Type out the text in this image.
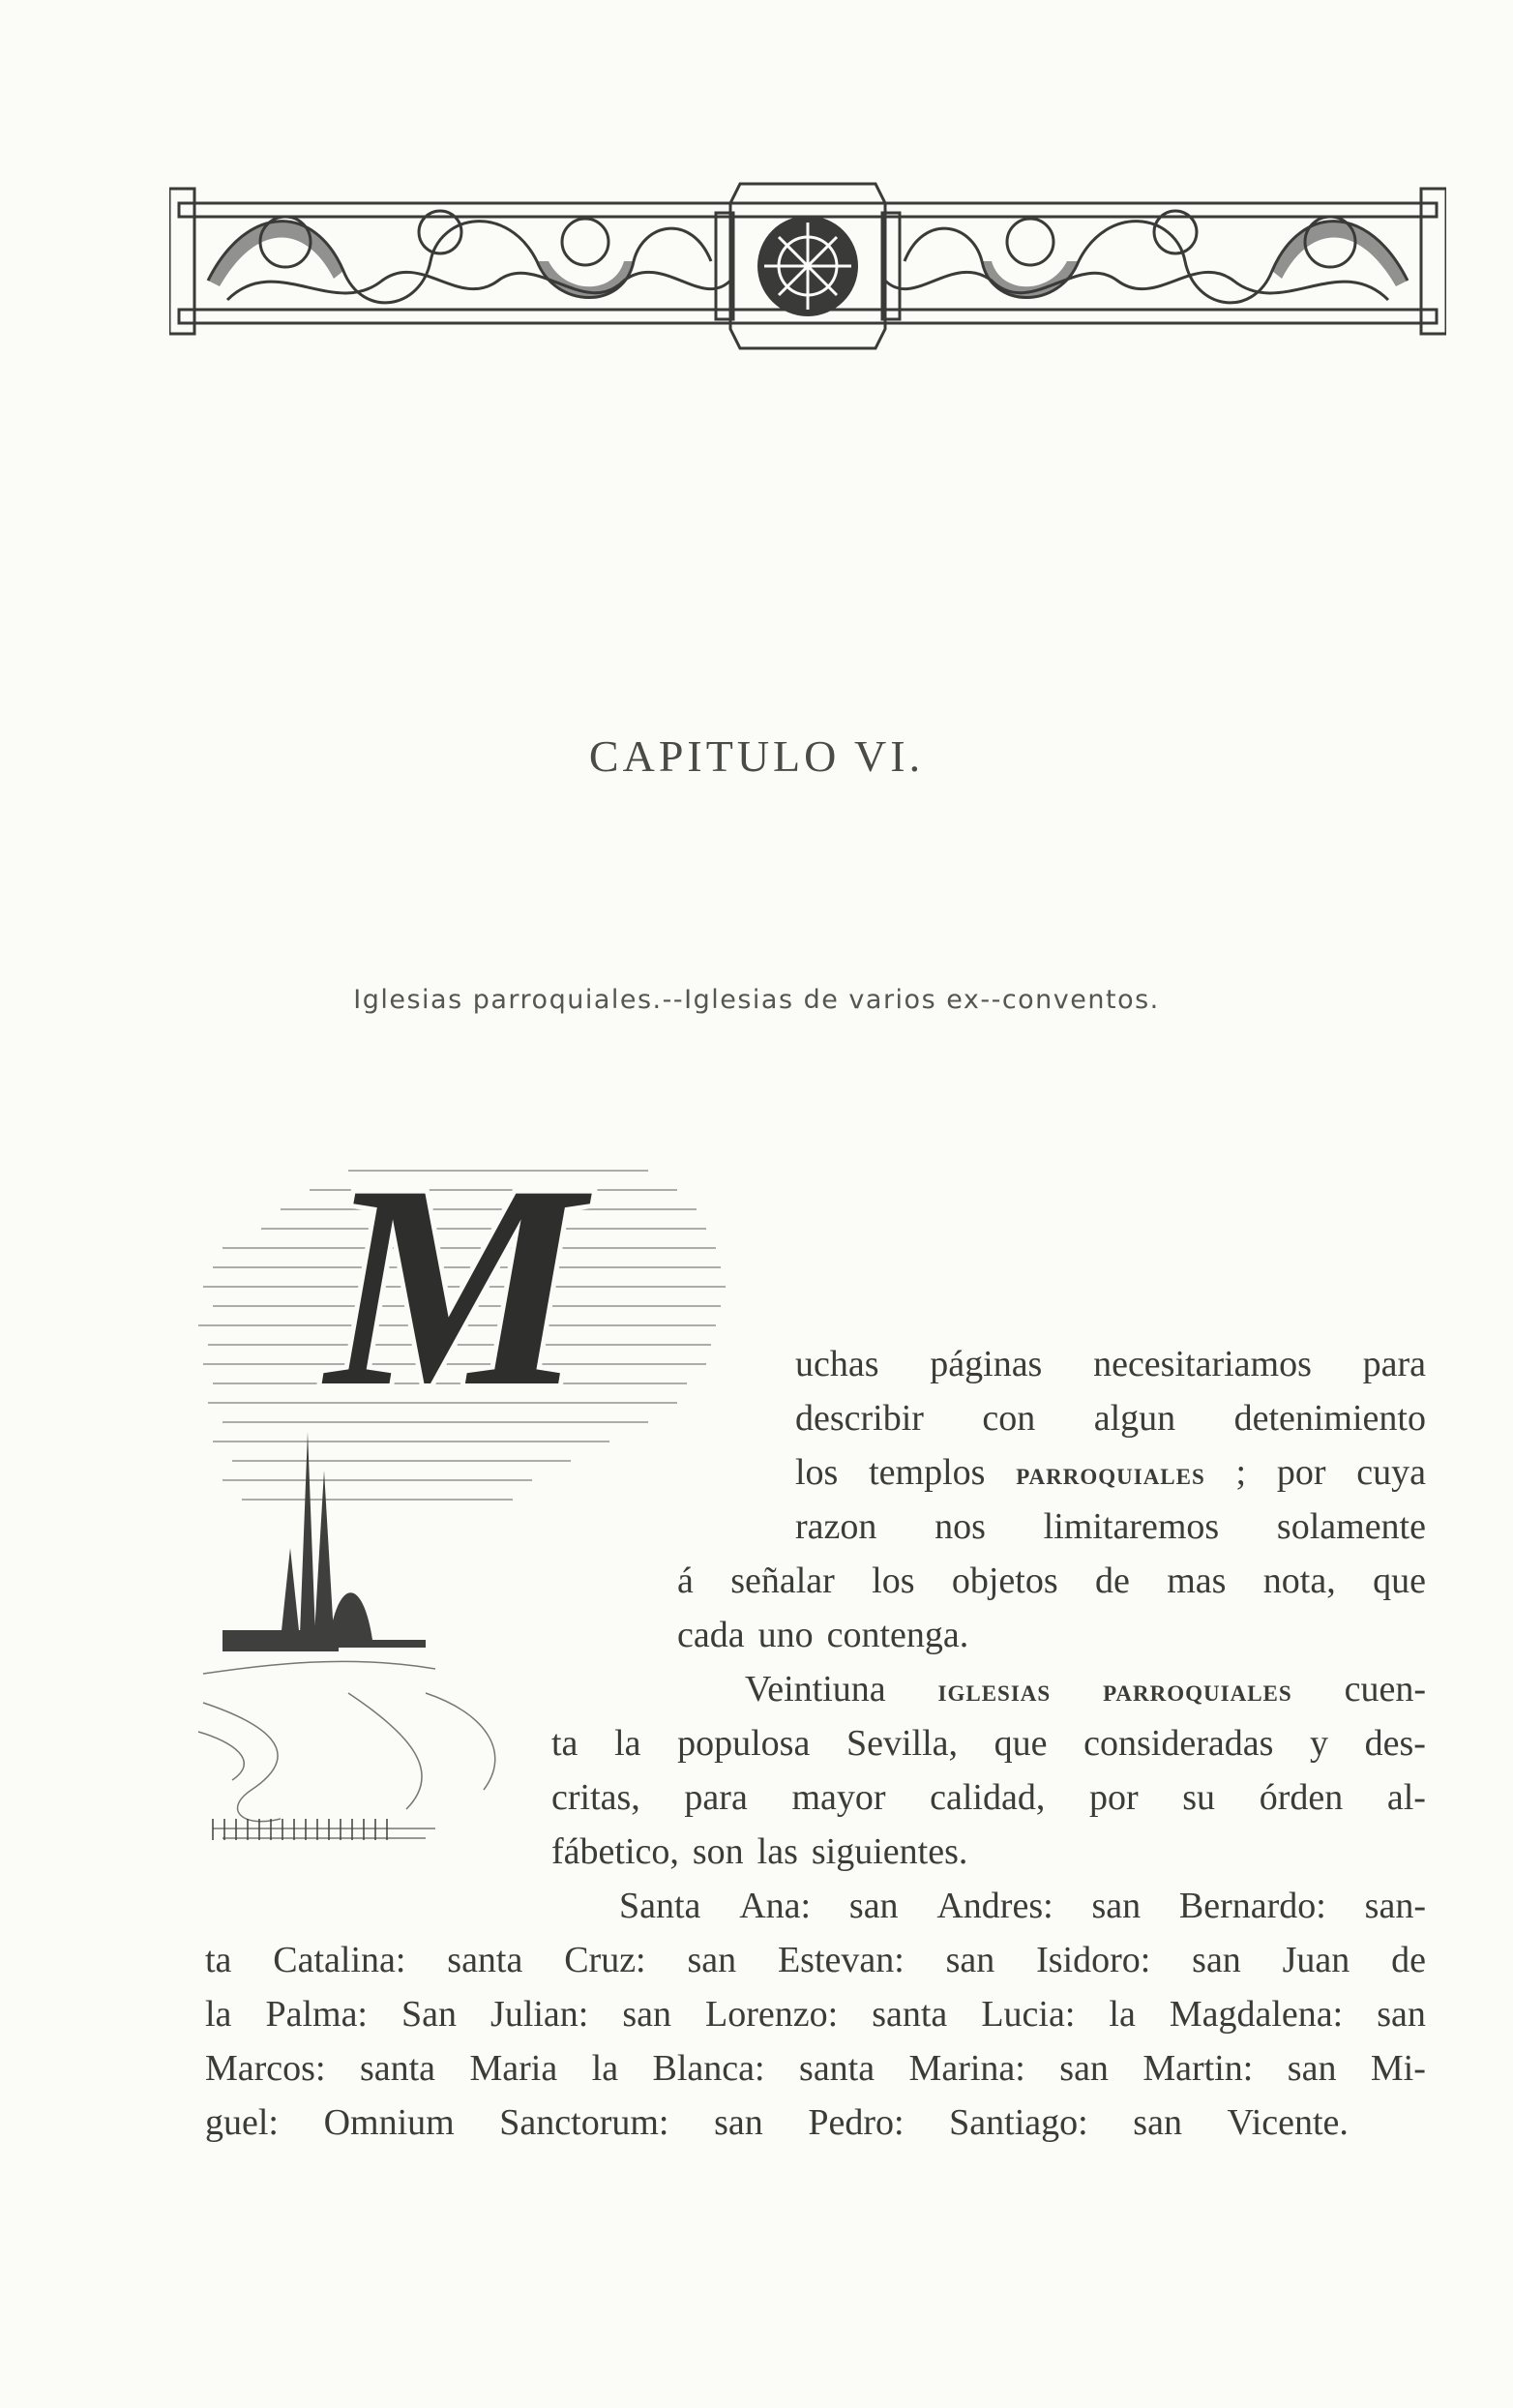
CAPITULO VI.
Iglesias parroquiales.--Iglesias de varios ex--conventos.
M	uchas páginas necesitariamos para
describir con algun detenimiento
los templos parroquiales ; por cuya
razon nos limitaremos solamente
á señalar los objetos de mas nota, que
cada uno contenga.
Veintiuna iglesias parroquiales cuen-
ta la populosa Sevilla, que consideradas y des-
critas, para mayor calidad, por su órden al-
fábetico, son las siguientes.
Santa Ana: san Andres: san Bernardo: san-
ta Catalina: santa Cruz: san Estevan: san Isidoro: san Juan de
la Palma: San Julian: san Lorenzo: santa Lucia: la Magdalena: san
Marcos: santa Maria la Blanca: santa Marina: san Martin: san Mi-
guel: Omnium Sanctorum: san Pedro: Santiago: san Vicente.
